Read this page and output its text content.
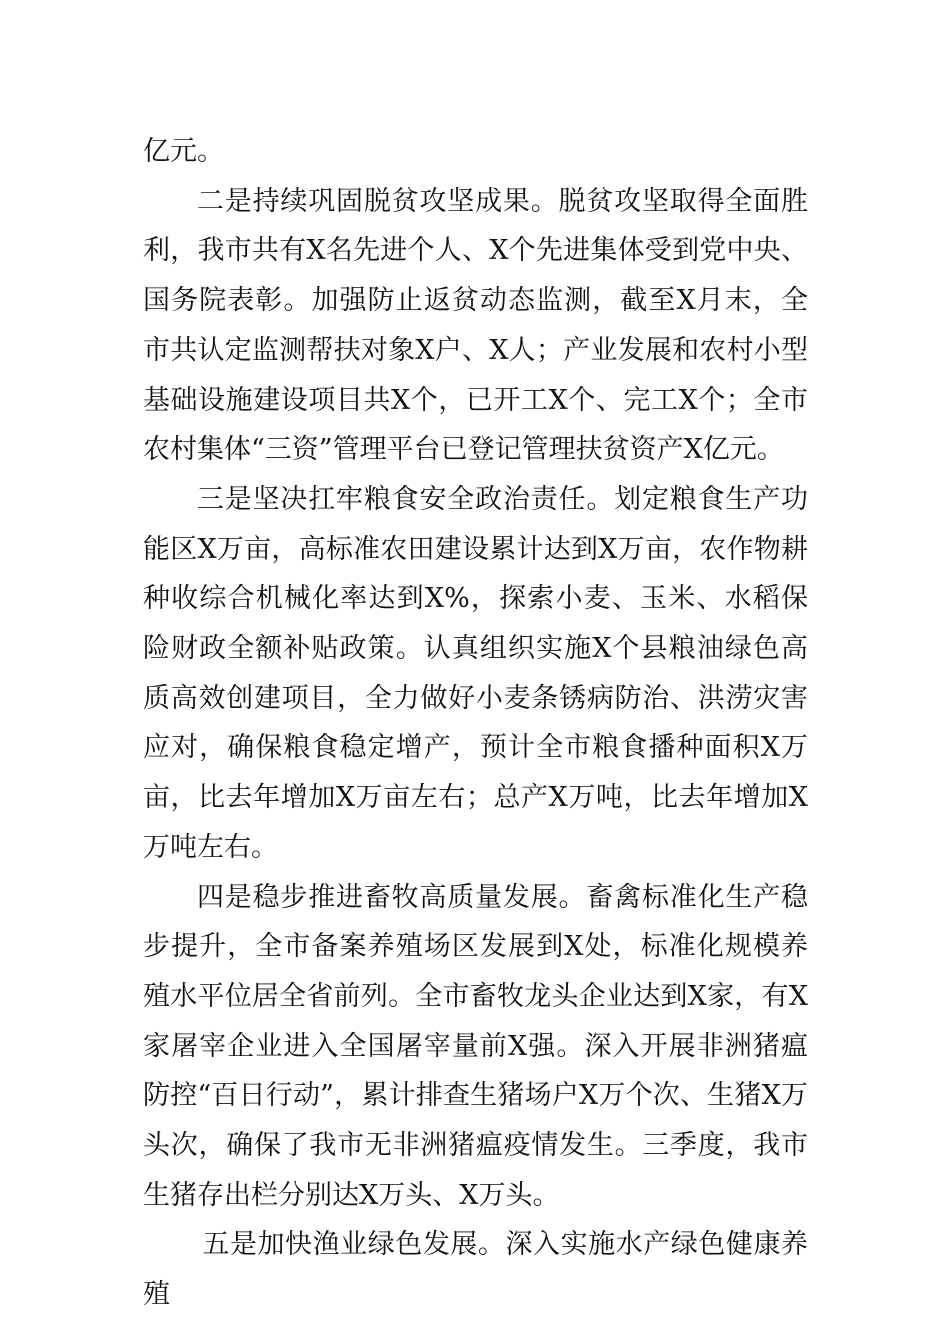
亿元。

二是持续巩固脱贫攻坚成果。脱贫攻坚取得全面胜利，我市共有X名先进个人、X个先进集体受到党中央、国务院表彰。加强防止返贫动态监测，截至X月末，全市共认定监测帮扶对象X户、X人；产业发展和农村小型基础设施建设项目共X个，已开工X个、完工X个；全市农村集体“三资”管理平台已登记管理扶贫资产X亿元。

三是坚决扛牢粮食安全政治责任。划定粮食生产功能区X万亩，高标准农田建设累计达到X万亩，农作物耕种收综合机械化率达到X%，探索小麦、玉米、水稻保险财政全额补贴政策。认真组织实施X个县粮油绿色高质高效创建项目，全力做好小麦条锈病防治、洪涝灾害应对，确保粮食稳定增产，预计全市粮食播种面积X万亩，比去年增加X万亩左右；总产X万吨，比去年增加X万吨左右。

四是稳步推进畜牧高质量发展。畜禽标准化生产稳步提升，全市备案养殖场区发展到X处，标准化规模养殖水平位居全省前列。全市畜牧龙头企业达到X家，有X家屠宰企业进入全国屠宰量前X强。深入开展非洲猪瘟防控“百日行动”，累计排查生猪场户X万个次、生猪X万头次，确保了我市无非洲猪瘟疫情发生。三季度，我市生猪存出栏分别达X万头、X万头。

五是加快渔业绿色发展。深入实施水产绿色健康养殖
